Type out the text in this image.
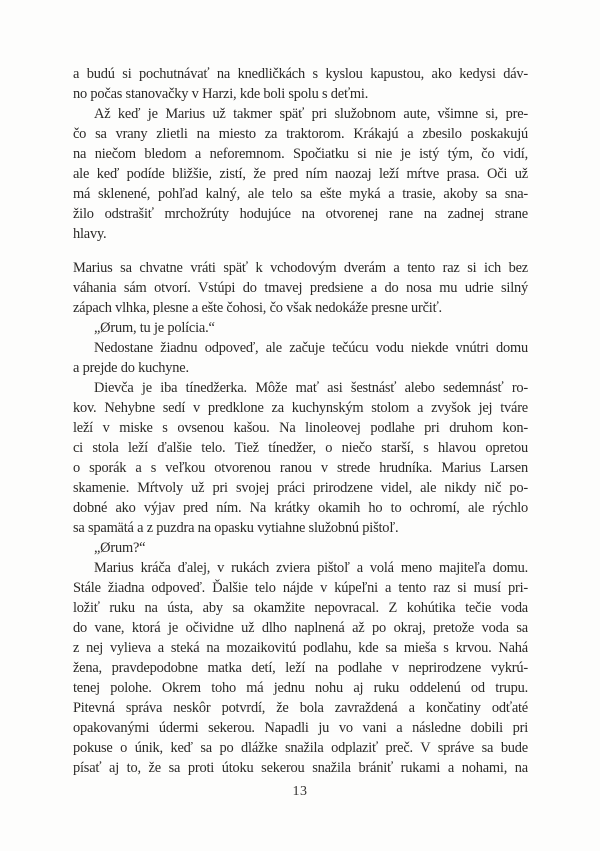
a budú si pochutnávať na knedličkách s kyslou kapustou, ako kedysi dáv-
no počas stanovačky v Harzi, kde boli spolu s deťmi.
Až keď je Marius už takmer späť pri služobnom aute, všimne si, pre-
čo sa vrany zlietli na miesto za traktorom. Krákajú a zbesilo poskakujú
na niečom bledom a neforemnom. Spočiatku si nie je istý tým, čo vidí,
ale keď podíde bližšie, zistí, že pred ním naozaj leží mŕtve prasa. Oči už
má sklenené, pohľad kalný, ale telo sa ešte myká a trasie, akoby sa sna-
žilo odstrašiť mrchožrúty hodujúce na otvorenej rane na zadnej strane
hlavy.
Marius sa chvatne vráti späť k vchodovým dverám a tento raz si ich bez
váhania sám otvorí. Vstúpi do tmavej predsiene a do nosa mu udrie silný
zápach vlhka, plesne a ešte čohosi, čo však nedokáže presne určiť.
„Ørum, tu je polícia.“
Nedostane žiadnu odpoveď, ale začuje tečúcu vodu niekde vnútri domu
a prejde do kuchyne.
Dievča je iba tínedžerka. Môže mať asi šestnásť alebo sedemnásť ro-
kov. Nehybne sedí v predklone za kuchynským stolom a zvyšok jej tváre
leží v miske s ovsenou kašou. Na linoleovej podlahe pri druhom kon-
ci stola leží ďalšie telo. Tiež tínedžer, o niečo starší, s hlavou opretou
o sporák a s veľkou otvorenou ranou v strede hrudníka. Marius Larsen
skamenie. Mŕtvoly už pri svojej práci prirodzene videl, ale nikdy nič po-
dobné ako výjav pred ním. Na krátky okamih ho to ochromí, ale rýchlo
sa spamätá a z puzdra na opasku vytiahne služobnú pištoľ.
„Ørum?“
Marius kráča ďalej, v rukách zviera pištoľ a volá meno majiteľa domu.
Stále žiadna odpoveď. Ďalšie telo nájde v kúpeľni a tento raz si musí pri-
ložiť ruku na ústa, aby sa okamžite nepovracal. Z kohútika tečie voda
do vane, ktorá je očividne už dlho naplnená až po okraj, pretože voda sa
z nej vylieva a steká na mozaikovitú podlahu, kde sa mieša s krvou. Nahá
žena, pravdepodobne matka detí, leží na podlahe v neprirodzene vykrú-
tenej polohe. Okrem toho má jednu nohu aj ruku oddelenú od trupu.
Pitevná správa neskôr potvrdí, že bola zavraždená a končatiny odťaté
opakovanými údermi sekerou. Napadli ju vo vani a následne dobili pri
pokuse o únik, keď sa po dlážke snažila odplaziť preč. V správe sa bude
písať aj to, že sa proti útoku sekerou snažila brániť rukami a nohami, na
13
